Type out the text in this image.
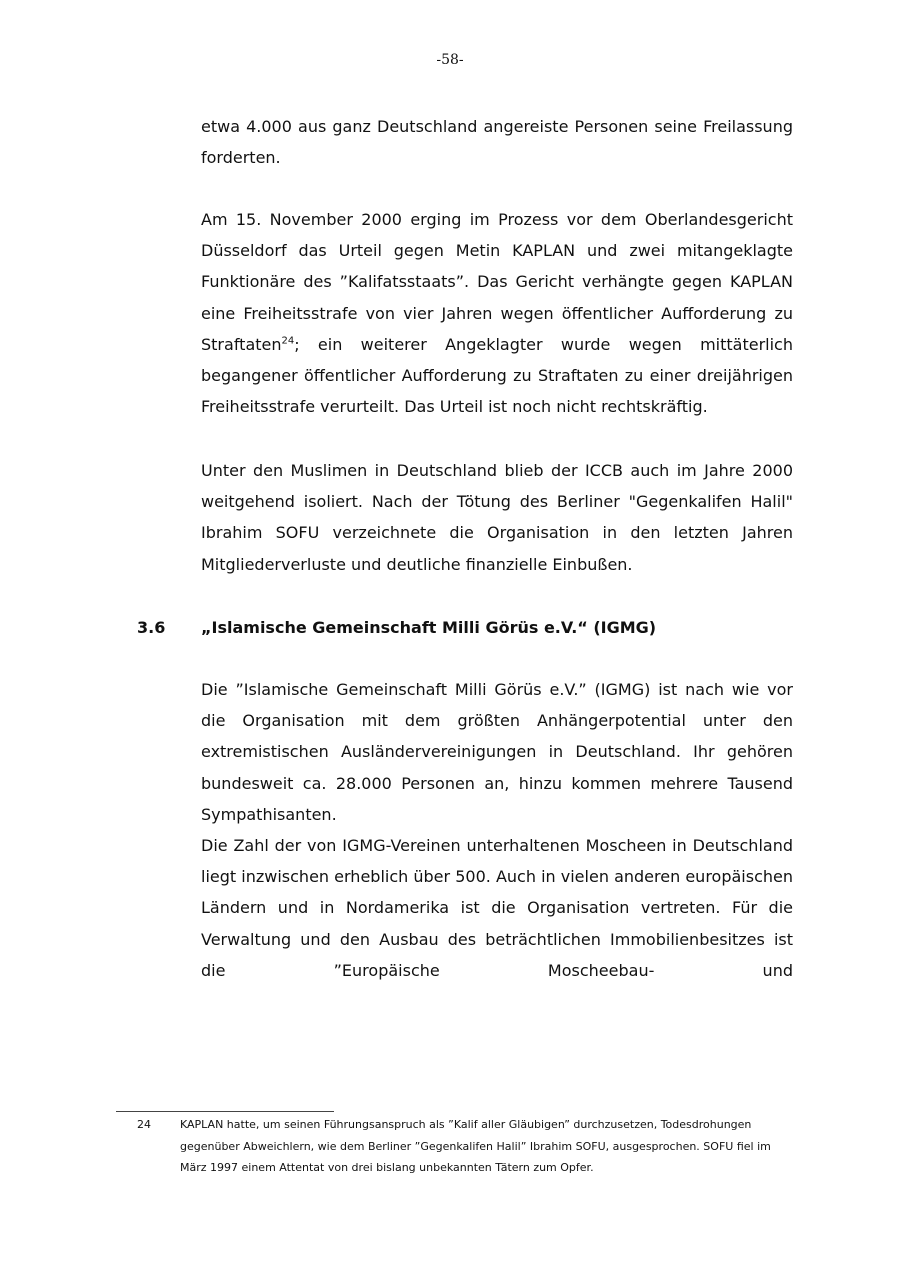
-58-

etwa 4.000 aus ganz Deutschland angereiste Personen seine Freilassung forderten.

Am 15. November 2000 erging im Prozess vor dem Oberlandesgericht Düsseldorf das Urteil gegen Metin KAPLAN und zwei mitangeklagte Funktionäre des ”Kalifatsstaats”. Das Gericht verhängte gegen KAPLAN eine Freiheitsstrafe von vier Jahren wegen öffentlicher Aufforderung zu Straftaten$^{24}$; ein weiterer Angeklagter wurde wegen mittäterlich begangener öffentlicher Aufforderung zu Straftaten zu einer dreijährigen Freiheitsstrafe verurteilt. Das Urteil ist noch nicht rechtskräftig.

Unter den Muslimen in Deutschland blieb der ICCB auch im Jahre 2000 weitgehend isoliert. Nach der Tötung des Berliner "Gegenkalifen Halil" Ibrahim SOFU verzeichnete die Organisation in den letzten Jahren Mitgliederverluste und deutliche finanzielle Einbußen.

3.6 „Islamische Gemeinschaft Milli Görüs e.V.“ (IGMG)

Die ”Islamische Gemeinschaft Milli Görüs e.V.” (IGMG) ist nach wie vor die Organisation mit dem größten Anhängerpotential unter den extremistischen Ausländervereinigungen in Deutschland. Ihr gehören bundesweit ca. 28.000 Personen an, hinzu kommen mehrere Tausend Sympathisanten.

Die Zahl der von IGMG-Vereinen unterhaltenen Moscheen in Deutschland liegt inzwischen erheblich über 500. Auch in vielen anderen europäischen Ländern und in Nordamerika ist die Organisation vertreten. Für die Verwaltung und den Ausbau des beträchtlichen Immobilienbesitzes ist die ”Europäische Moscheebau- und

24	KAPLAN hatte, um seinen Führungsanspruch als ”Kalif aller Gläubigen” durchzusetzen, Todesdrohungen gegenüber Abweichlern, wie dem Berliner ”Gegenkalifen Halil” Ibrahim SOFU, ausgesprochen. SOFU fiel im März 1997 einem Attentat von drei bislang unbekannten Tätern zum Opfer.
